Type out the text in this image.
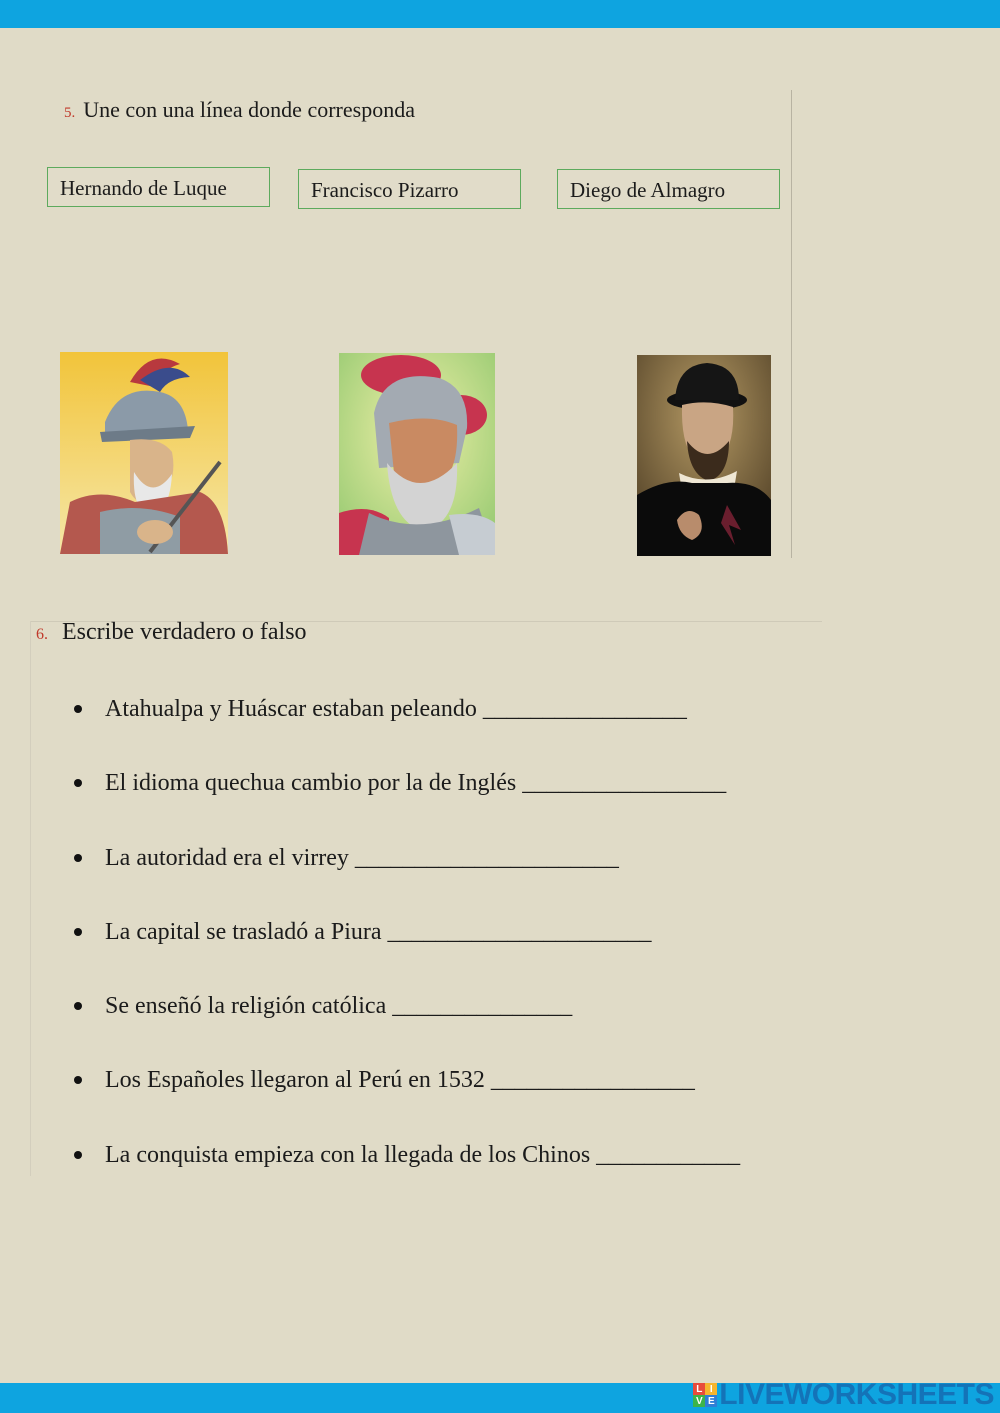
5. Une con una línea donde corresponda
Hernando de Luque	Francisco Pizarro	Diego de Almagro
6. Escribe verdadero o falso
Atahualpa y Huáscar estaban peleando _________________
El idioma quechua cambio por la de Inglés _________________
La autoridad era el virrey ______________________
La capital se trasladó a Piura ______________________
Se enseñó la religión católica _______________
Los Españoles llegaron al Perú en 1532 _________________
La conquista empieza con la llegada de los Chinos ____________
L I
V E LIVEWORKSHEETS
